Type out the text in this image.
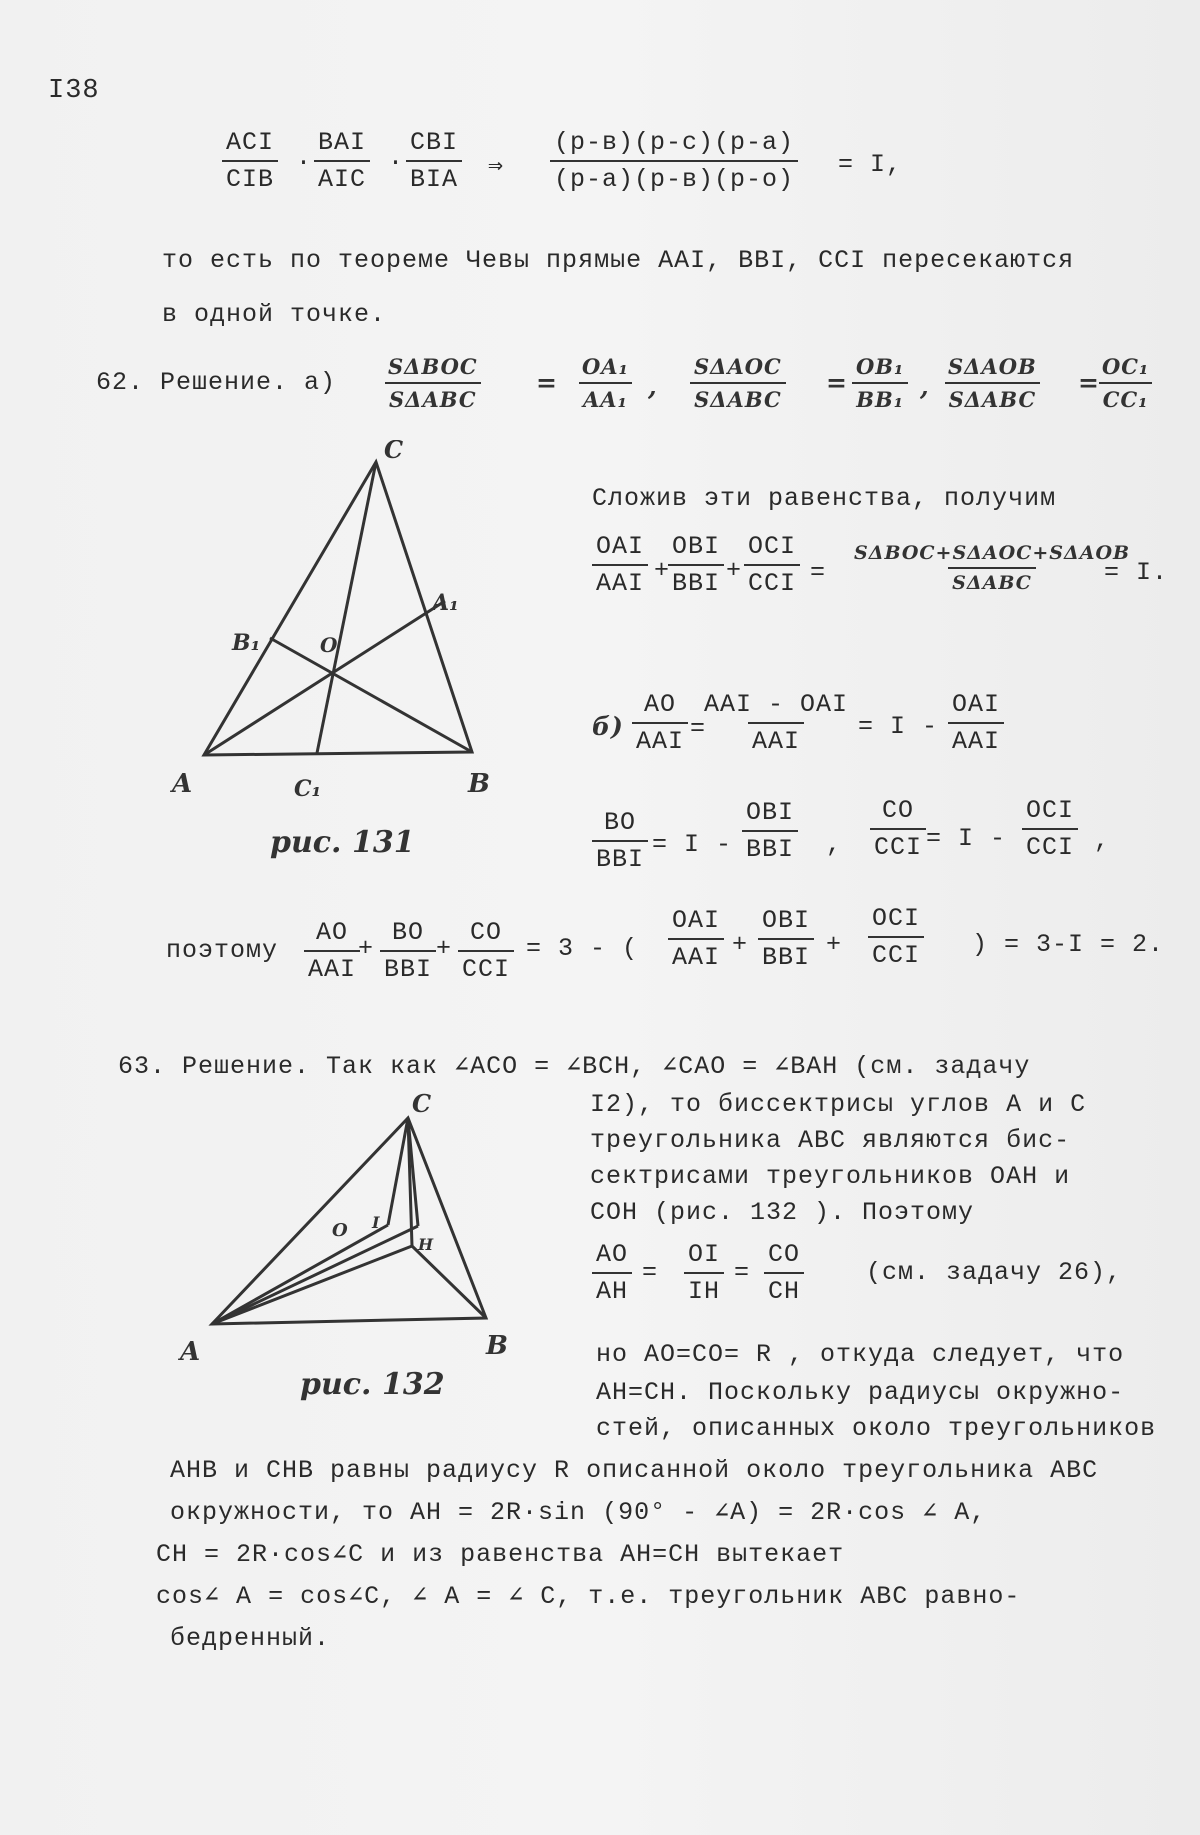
I38
ACI
CIB
·
BAI
AIC
·
CBI
BIA ⇒
(p-в)(p-c)(p-a)
(p-a)(p-в)(p-o)
= I,
то есть по теореме Чевы прямые AAI, BBI, CCI пересекаются
в одной точке.
62. Решение. а)
SΔBOC
SΔABC
= $\frac{\text{OA₁}}{\text{AA₁}}$ ,
SΔAOC
SΔABC
= $\frac{\text{OB₁}}{\text{BB₁}}$ ,
SΔAOB
SΔABC
=
$\frac{\text{OC₁}}{\text{CC₁}}$
C
A	B
O
A₁
B₁
C₁
рис. 131
Сложив эти равенства, получим
OAI
AAI +
OBI
BBI +
OCI
CCI =
SΔBOC+SΔAOC+SΔAOB
SΔABC	= I.
б)
AO
AAI =
AAI - OAI
AAI
= I -
OAI
AAI
BO
BBI
= I -
OBI
BBI ,
CO
CCI = I -
OCI
CCI ,
поэтому
AO
AAI
+
BO
BBI
+
CO
CCI
= 3 - (
OAI
AAI +
OBI
BBI +
OCI
CCI ) = 3-I = 2.
63. Решение. Так как ∠ACO = ∠BCH, ∠CAO = ∠BAH (см. задачу
C
A	B
O I
H
рис. 132
I2), то биссектрисы углов A и C
треугольника ABC являются бис-
сектрисами треугольников OAH и
COH (рис. 132 ). Поэтому
$\frac{AO}{AH} = \frac{OI}{IH} = \frac{CO}{CH} (см$. задачу 26),
но AO=CO= R , откуда следует, что
AH=CH. Поскольку радиусы окружно-
стей, описанных около треугольников
AHB и CHB равны радиусу R описанной около треугольника ABC
окружности, то AH = 2R·sin (90° - ∠A) = 2R·cos ∠ A,
CH = 2R·cos∠C и из равенства AH=CH вытекает
cos∠ A = cos∠C, ∠ A = ∠ C, т.е. треугольник ABC равно-
бедренный.
